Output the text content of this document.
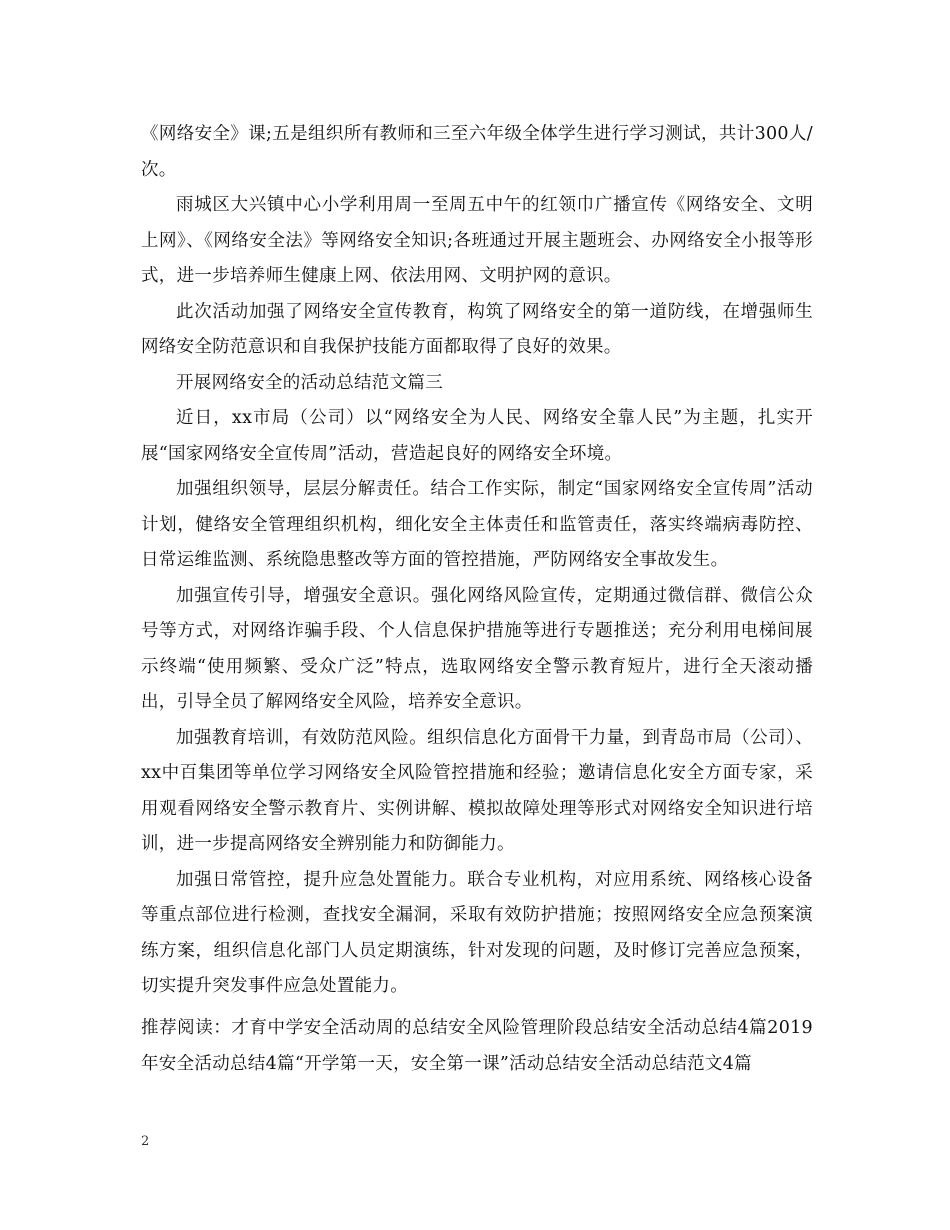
《网络安全》课;五是组织所有教师和三至六年级全体学生进行学习测试，共计300人/次。

雨城区大兴镇中心小学利用周一至周五中午的红领巾广播宣传《网络安全、文明上网》、《网络安全法》等网络安全知识;各班通过开展主题班会、办网络安全小报等形式，进一步培养师生健康上网、依法用网、文明护网的意识。

此次活动加强了网络安全宣传教育，构筑了网络安全的第一道防线，在增强师生网络安全防范意识和自我保护技能方面都取得了良好的效果。

开展网络安全的活动总结范文篇三

近日，xx市局（公司）以“网络安全为人民、网络安全靠人民”为主题，扎实开展“国家网络安全宣传周”活动，营造起良好的网络安全环境。

加强组织领导，层层分解责任。结合工作实际，制定“国家网络安全宣传周”活动计划，健络安全管理组织机构，细化安全主体责任和监管责任，落实终端病毒防控、日常运维监测、系统隐患整改等方面的管控措施，严防网络安全事故发生。

加强宣传引导，增强安全意识。强化网络风险宣传，定期通过微信群、微信公众号等方式，对网络诈骗手段、个人信息保护措施等进行专题推送；充分利用电梯间展示终端“使用频繁、受众广泛”特点，选取网络安全警示教育短片，进行全天滚动播出，引导全员了解网络安全风险，培养安全意识。

加强教育培训，有效防范风险。组织信息化方面骨干力量，到青岛市局（公司）、xx中百集团等单位学习网络安全风险管控措施和经验；邀请信息化安全方面专家，采用观看网络安全警示教育片、实例讲解、模拟故障处理等形式对网络安全知识进行培训，进一步提高网络安全辨别能力和防御能力。

加强日常管控，提升应急处置能力。联合专业机构，对应用系统、网络核心设备等重点部位进行检测，查找安全漏洞，采取有效防护措施；按照网络安全应急预案演练方案，组织信息化部门人员定期演练，针对发现的问题，及时修订完善应急预案，切实提升突发事件应急处置能力。

推荐阅读：才育中学安全活动周的总结安全风险管理阶段总结安全活动总结4篇2019年安全活动总结4篇“开学第一天，安全第一课”活动总结安全活动总结范文4篇
2
